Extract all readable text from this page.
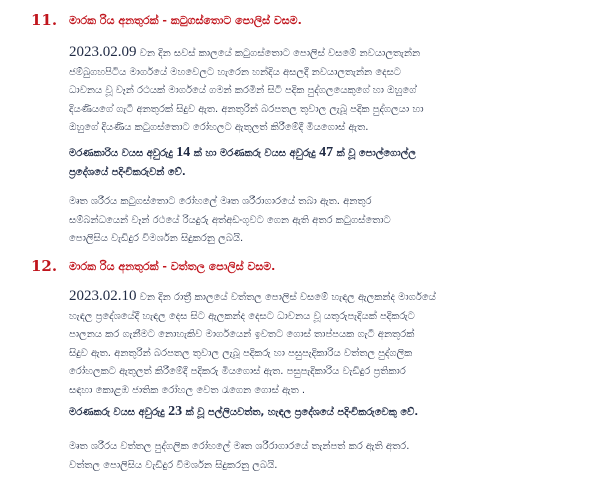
11. මාරක රිය අනතුරක් - කටුගස්තොට පොලිස් වසම.
2023.02.09 වන දින සවස් කාලයේ කටුගස්තොට පොලිස් වසමේ නවයාලතැන්න
ජම්බුගහපිටිය මාර්ගයේ මහවෙලට හැරෙන හන්දිය අසලදී නවයාලතැන්න දෙසට
ධාවනය වූ වෑන් රථයක් මාර්ගයේ ගමන් කරමින් සිටි පදික පුද්ගලයෙකුගේ හා ඔහුගේ
දියණියගේ ගැටී අනතුරක් සිදුව ඇත. අනතුරින් බරපතල තුවාල ලැබූ පදික පුද්ගලයා හා
ඔහුගේ දියණිය කටුගස්තොට රෝහලට ඇතුලත් කිරීමේදී මියගොස් ඇත.
මරණකාරිය වයස අවුරුදු 14 ක් හා මරණකරු වයස අවුරුදු 47 ක් වූ පොල්ගොල්ල
ප්‍රදේශයේ පදිංචිකරුවන් වේ.
මෘත ශරීරය කටුගස්තොට රෝහලේ මෘත ශරීරාගාරයේ තබා ඇත. අනතුර
සම්බන්ධයෙන් වෑන් රථයේ රියදුරු අත්අඩංගුවට ගෙන ඇති අතර කටුගස්තොට
පොලිසිය වැඩිදුර විමර්ශන සිදුකරනු ලබයි.
12. මාරක රිය අනතුරක් - වත්තල පොලිස් වසම.
2023.02.10 වන දින රාත්‍රී කාලයේ වත්තල පොලිස් වසමේ හැඳල ඇලකන්ද මාර්ගයේ
හැඳල ප්‍රදේශයේදී හැඳල දෙස සිට ඇලකන්ද දෙසට ධාවනය වූ යතුරුපැදියක් පදිකරුට
පාලනය කර ගැනීමට නොහැකිව මාර්ගයෙන් ඉවතට ගොස් තාප්පයක ගැටී අනතුරක්
සිදුව ඇත. අනතුරින් බරපතල තුවාල ලැබූ පදිකරු හා පසුපැදිකාරිය වත්තල පුද්ගලික
රෝහලකට ඇතුලත් කිරීමේදී පදිකරු මියගොස් ඇත. පසුපැදිකාරිය වැඩිදුර ප්‍රතිකාර
සඳහා කොළඹ ජාතික රෝහල වෙත රැගෙන ගොස් ඇත .
මරණකරු වයස අවුරුදු 23 ක් වූ පල්ලියවත්ත, හැඳල ප්‍රදේශයේ පදිංචිකරුවෙකු වේ.
මෘත ශරීරය වත්තල පුද්ගලික රෝහලේ මෘත ශරීරාගාරයේ තැන්පත් කර ඇති අතර.
වත්තල පොලිසිය වැඩිදුර විමර්ශන සිදුකරනු ලබයි.
